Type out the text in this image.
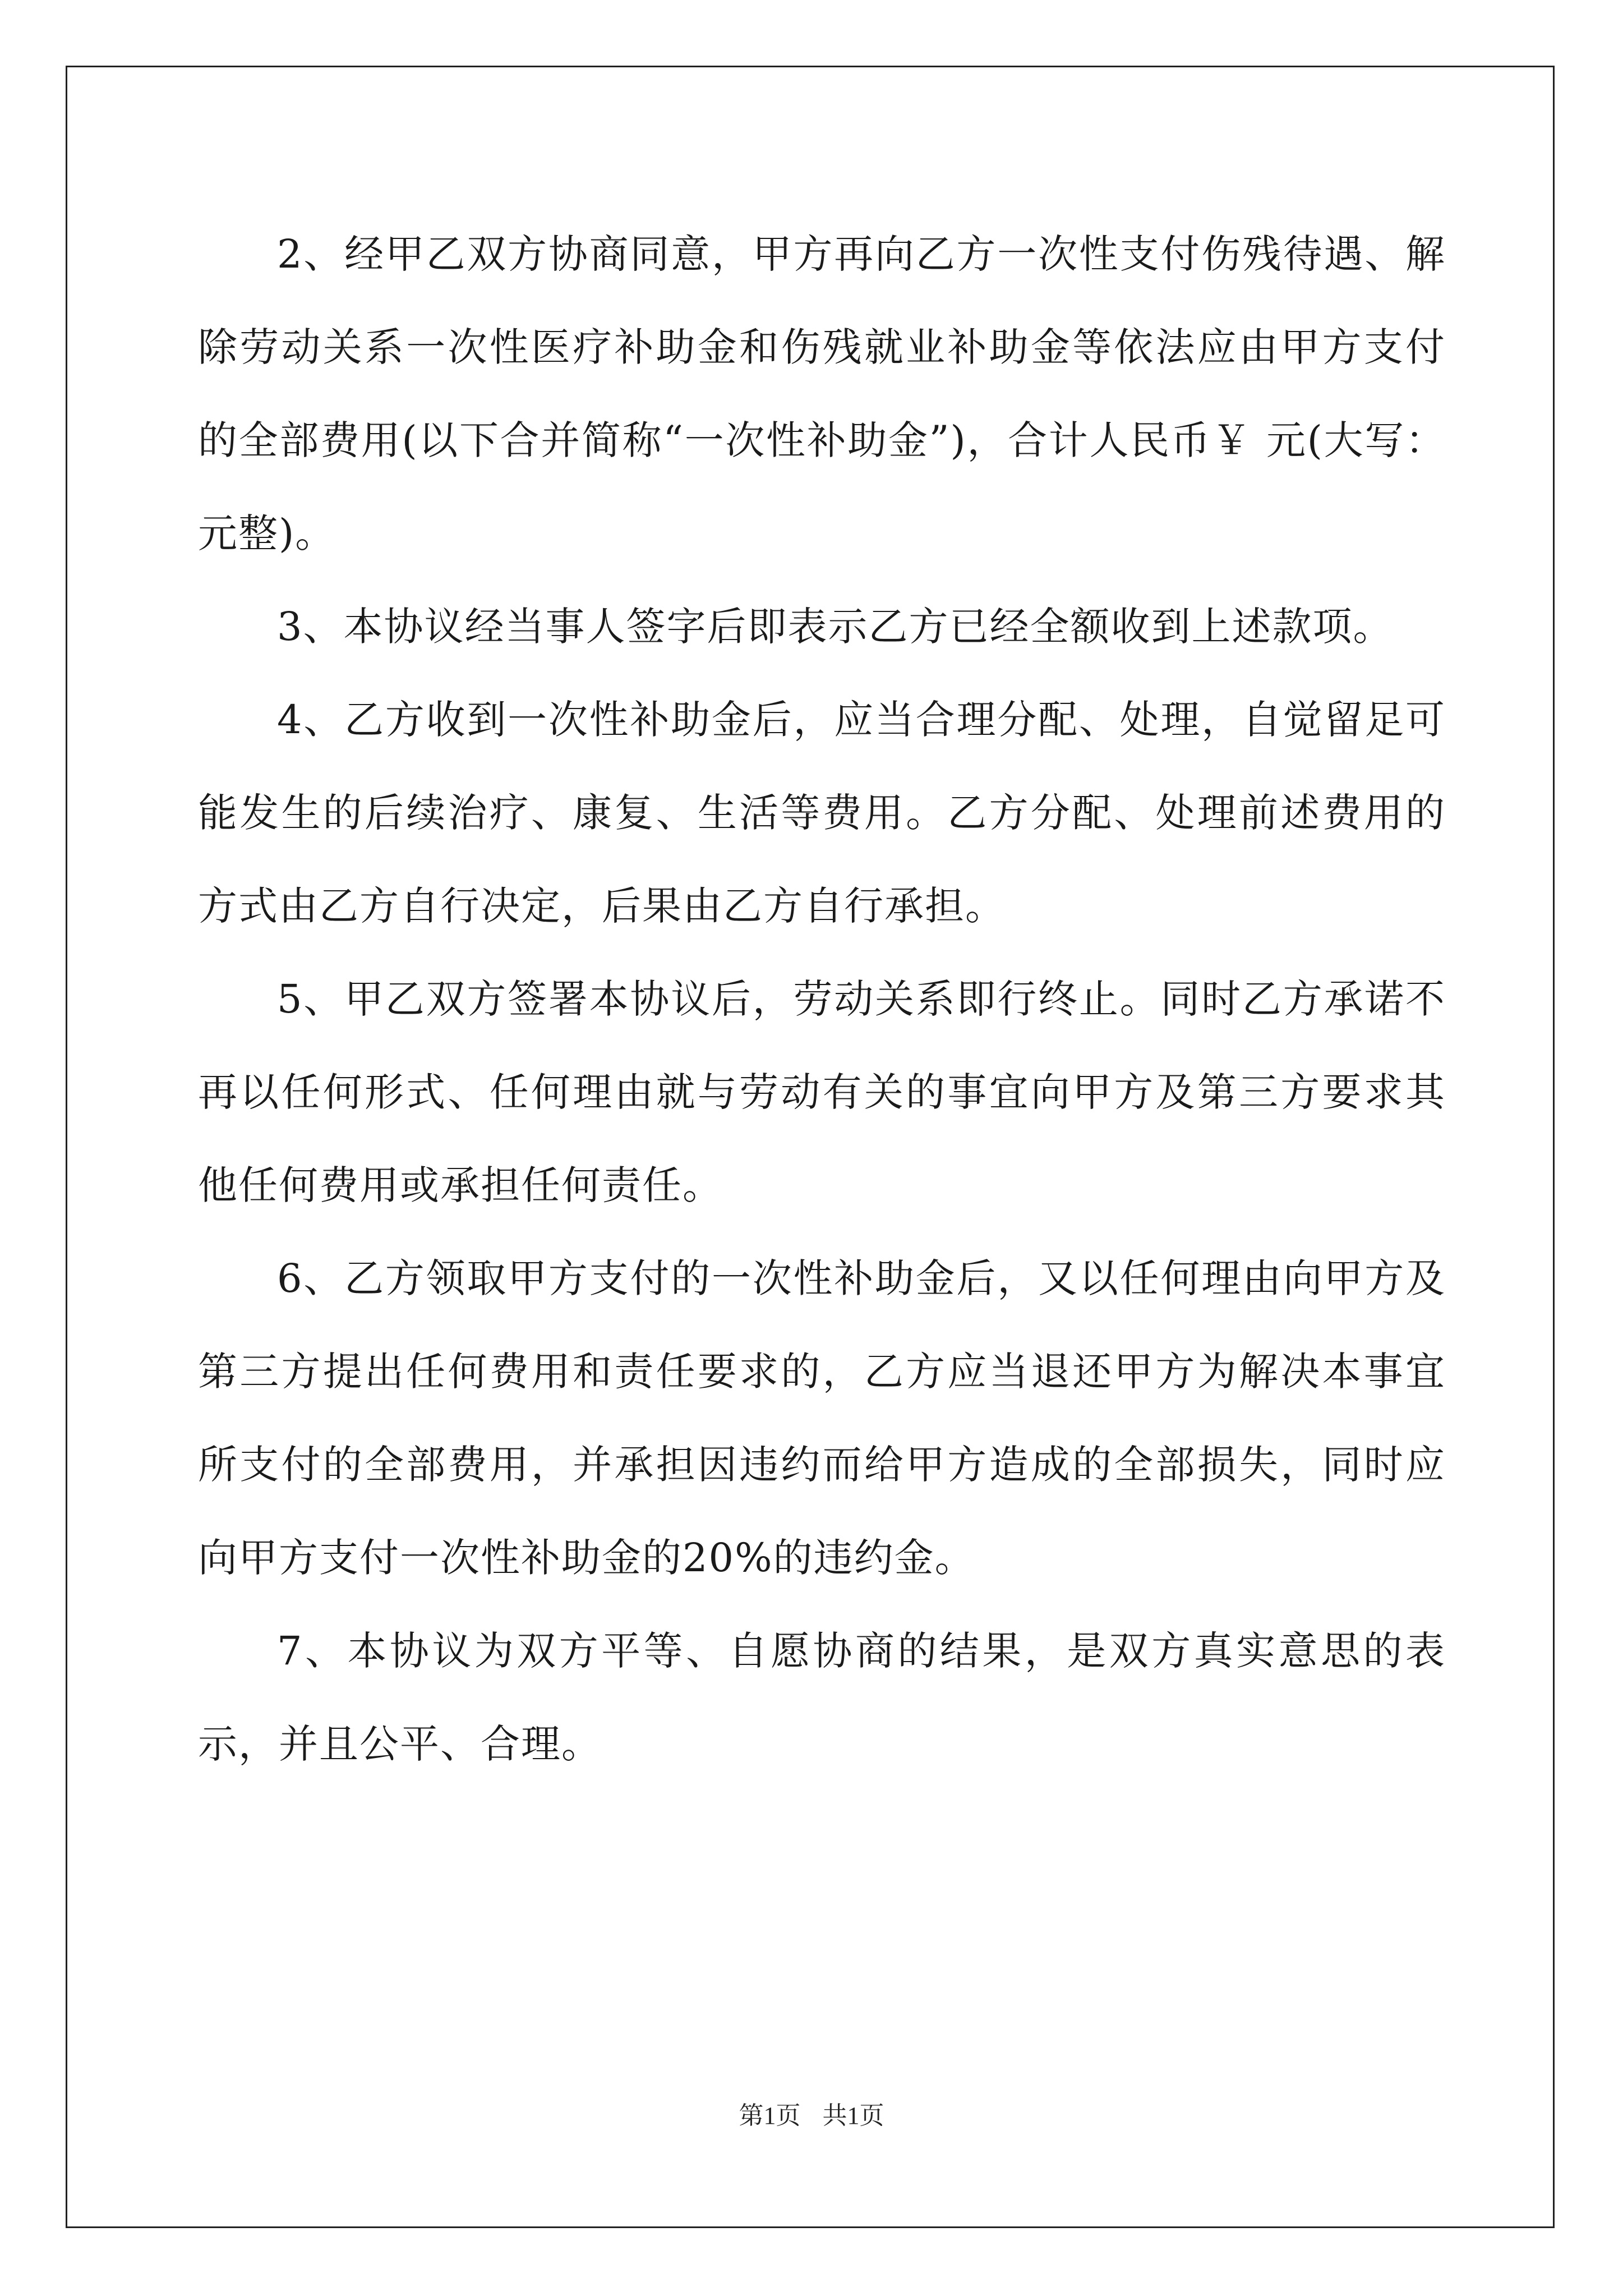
2、经甲乙双方协商同意，甲方再向乙方一次性支付伤残待遇、解除劳动关系一次性医疗补助金和伤残就业补助金等依法应由甲方支付的全部费用(以下合并简称“一次性补助金”)，合计人民币￥ 元(大写： 元整)。

3、本协议经当事人签字后即表示乙方已经全额收到上述款项。

4、乙方收到一次性补助金后，应当合理分配、处理，自觉留足可能发生的后续治疗、康复、生活等费用。乙方分配、处理前述费用的方式由乙方自行决定，后果由乙方自行承担。

5、甲乙双方签署本协议后，劳动关系即行终止。同时乙方承诺不再以任何形式、任何理由就与劳动有关的事宜向甲方及第三方要求其他任何费用或承担任何责任。

6、乙方领取甲方支付的一次性补助金后，又以任何理由向甲方及第三方提出任何费用和责任要求的，乙方应当退还甲方为解决本事宜所支付的全部费用，并承担因违约而给甲方造成的全部损失，同时应向甲方支付一次性补助金的20%的违约金。

7、本协议为双方平等、自愿协商的结果，是双方真实意思的表示，并且公平、合理。

第1页 共1页
